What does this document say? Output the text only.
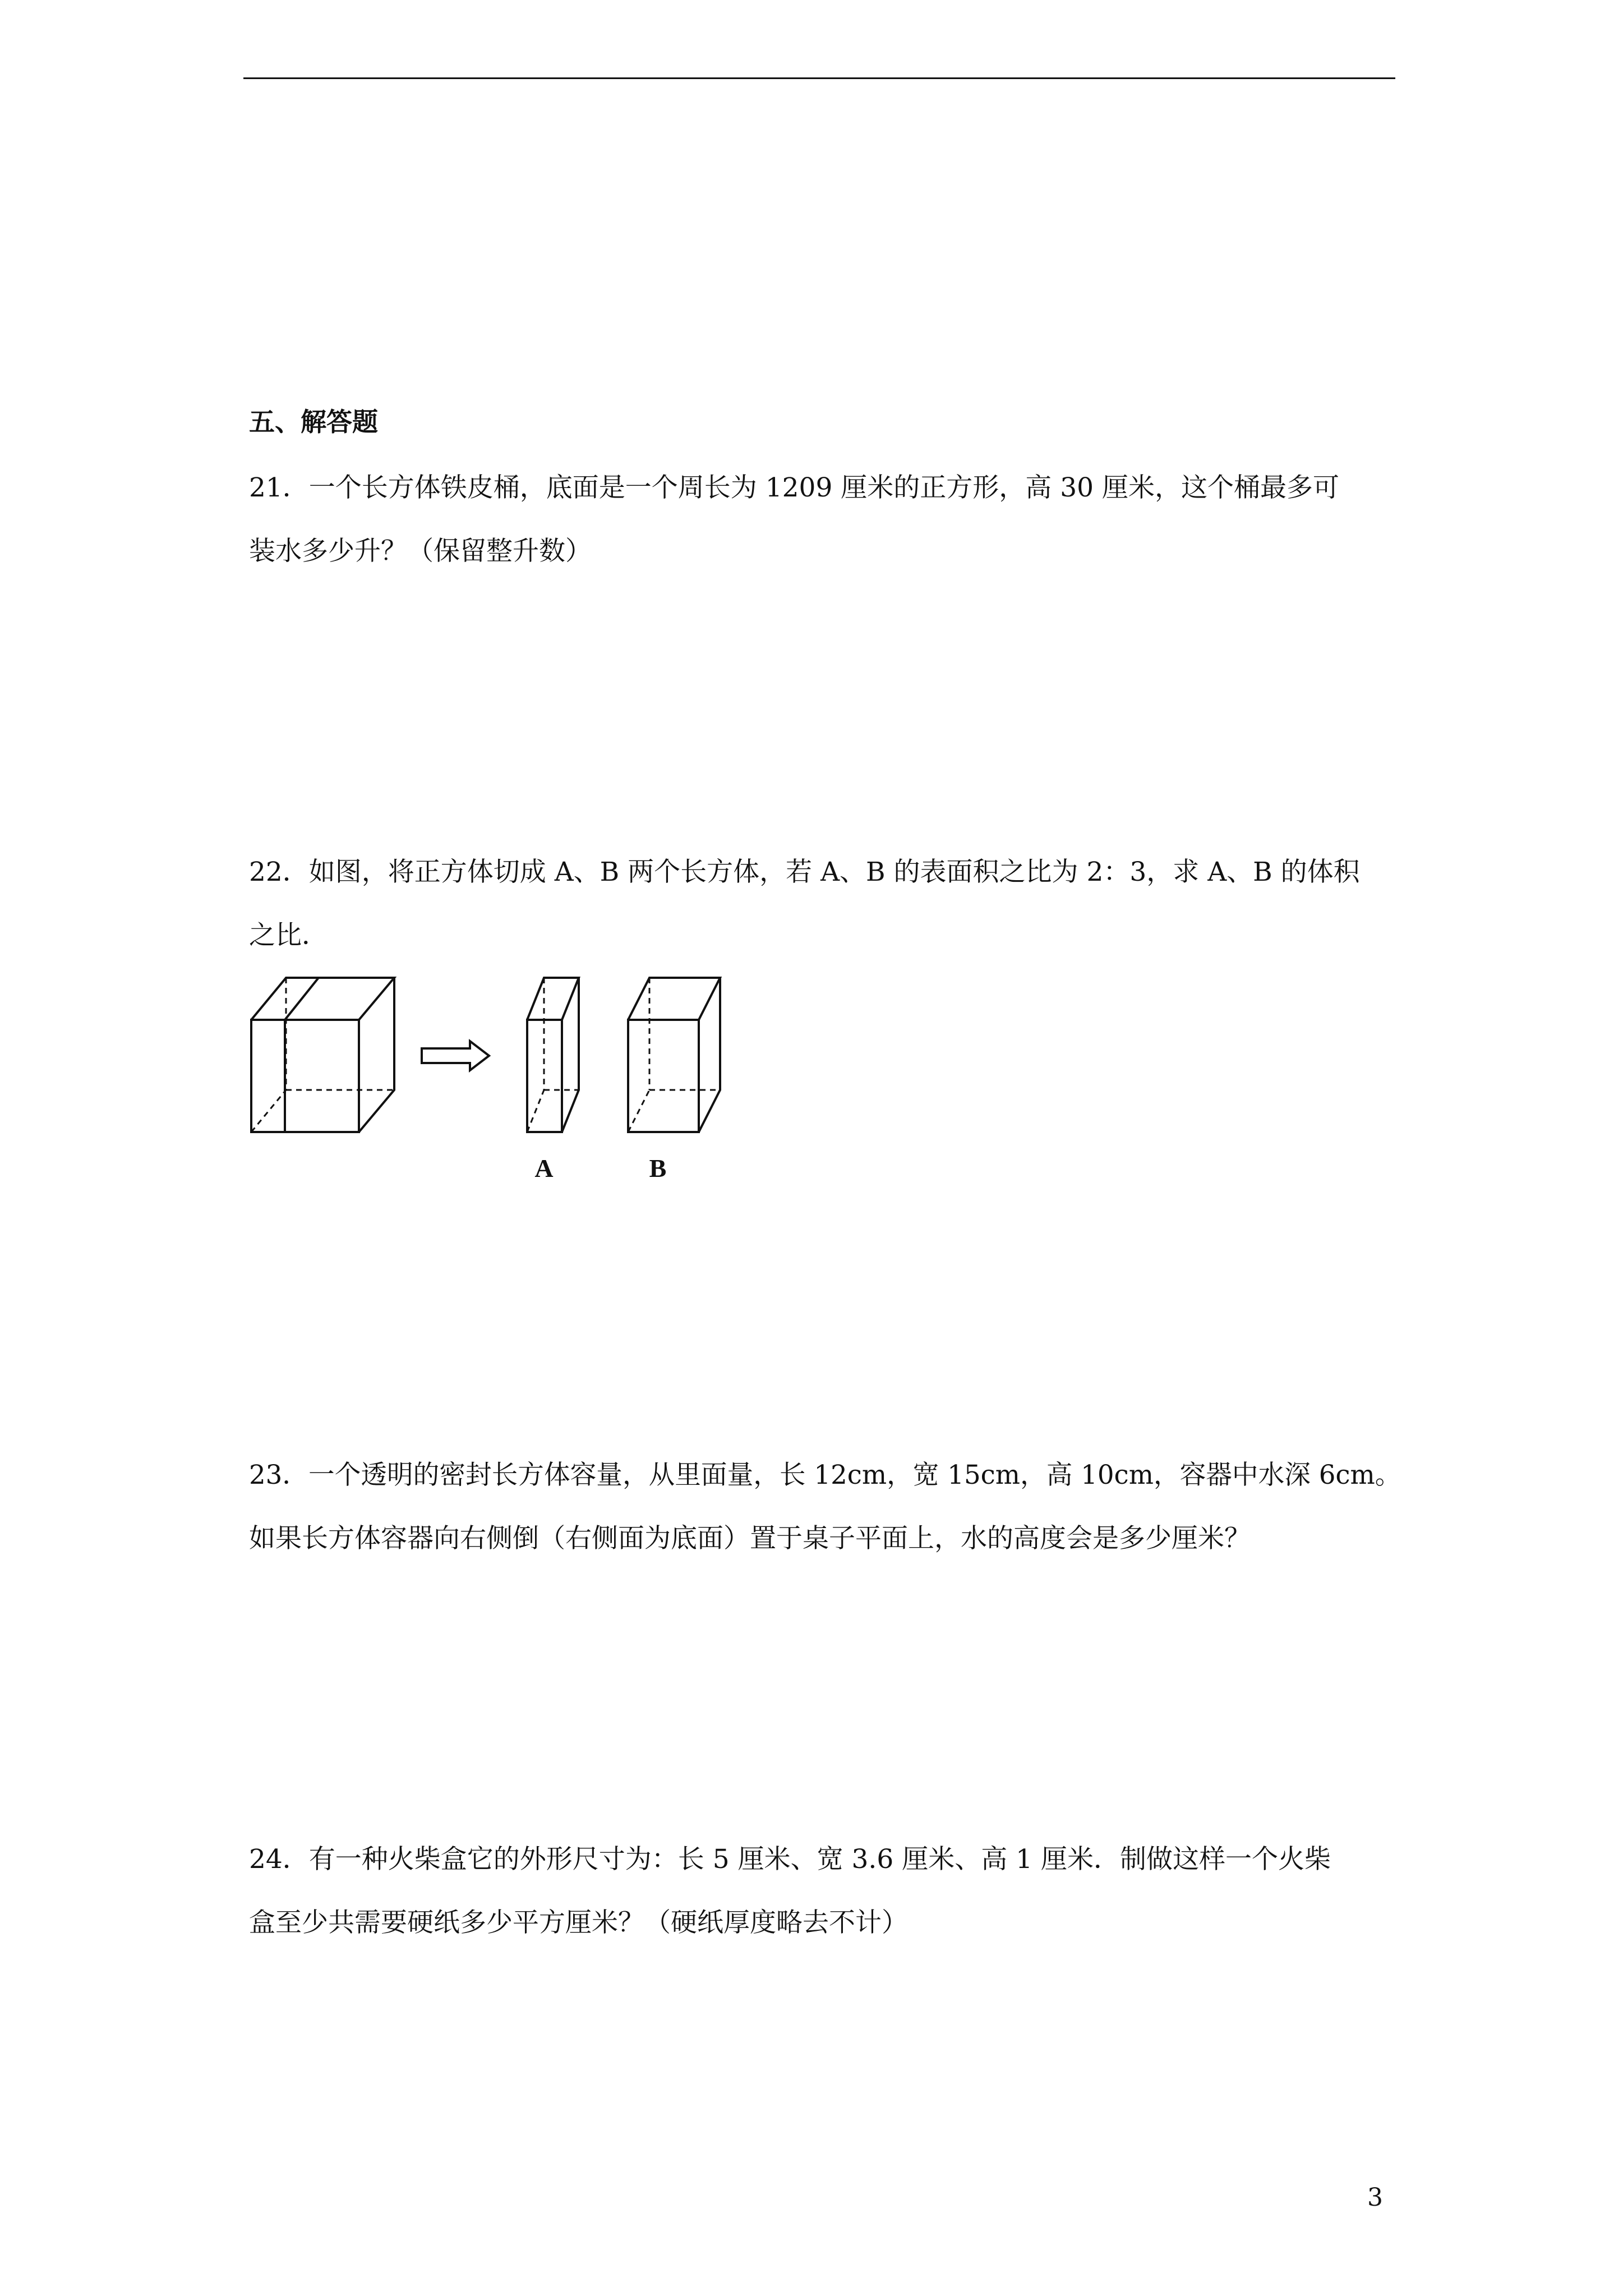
五、解答题
21．一个长方体铁皮桶，底面是一个周长为 1209 厘米的正方形，高 30 厘米，这个桶最多可
装水多少升？（保留整升数）
22．如图，将正方体切成 A、B 两个长方体，若 A、B 的表面积之比为 2：3，求 A、B 的体积
之比．
A	B
23．一个透明的密封长方体容量，从里面量，长 12cm，宽 15cm，高 10cm，容器中水深 6cm。
如果长方体容器向右侧倒（右侧面为底面）置于桌子平面上，水的高度会是多少厘米？
24．有一种火柴盒它的外形尺寸为：长 5 厘米、宽 3.6 厘米、高 1 厘米．制做这样一个火柴
盒至少共需要硬纸多少平方厘米？（硬纸厚度略去不计）
3
